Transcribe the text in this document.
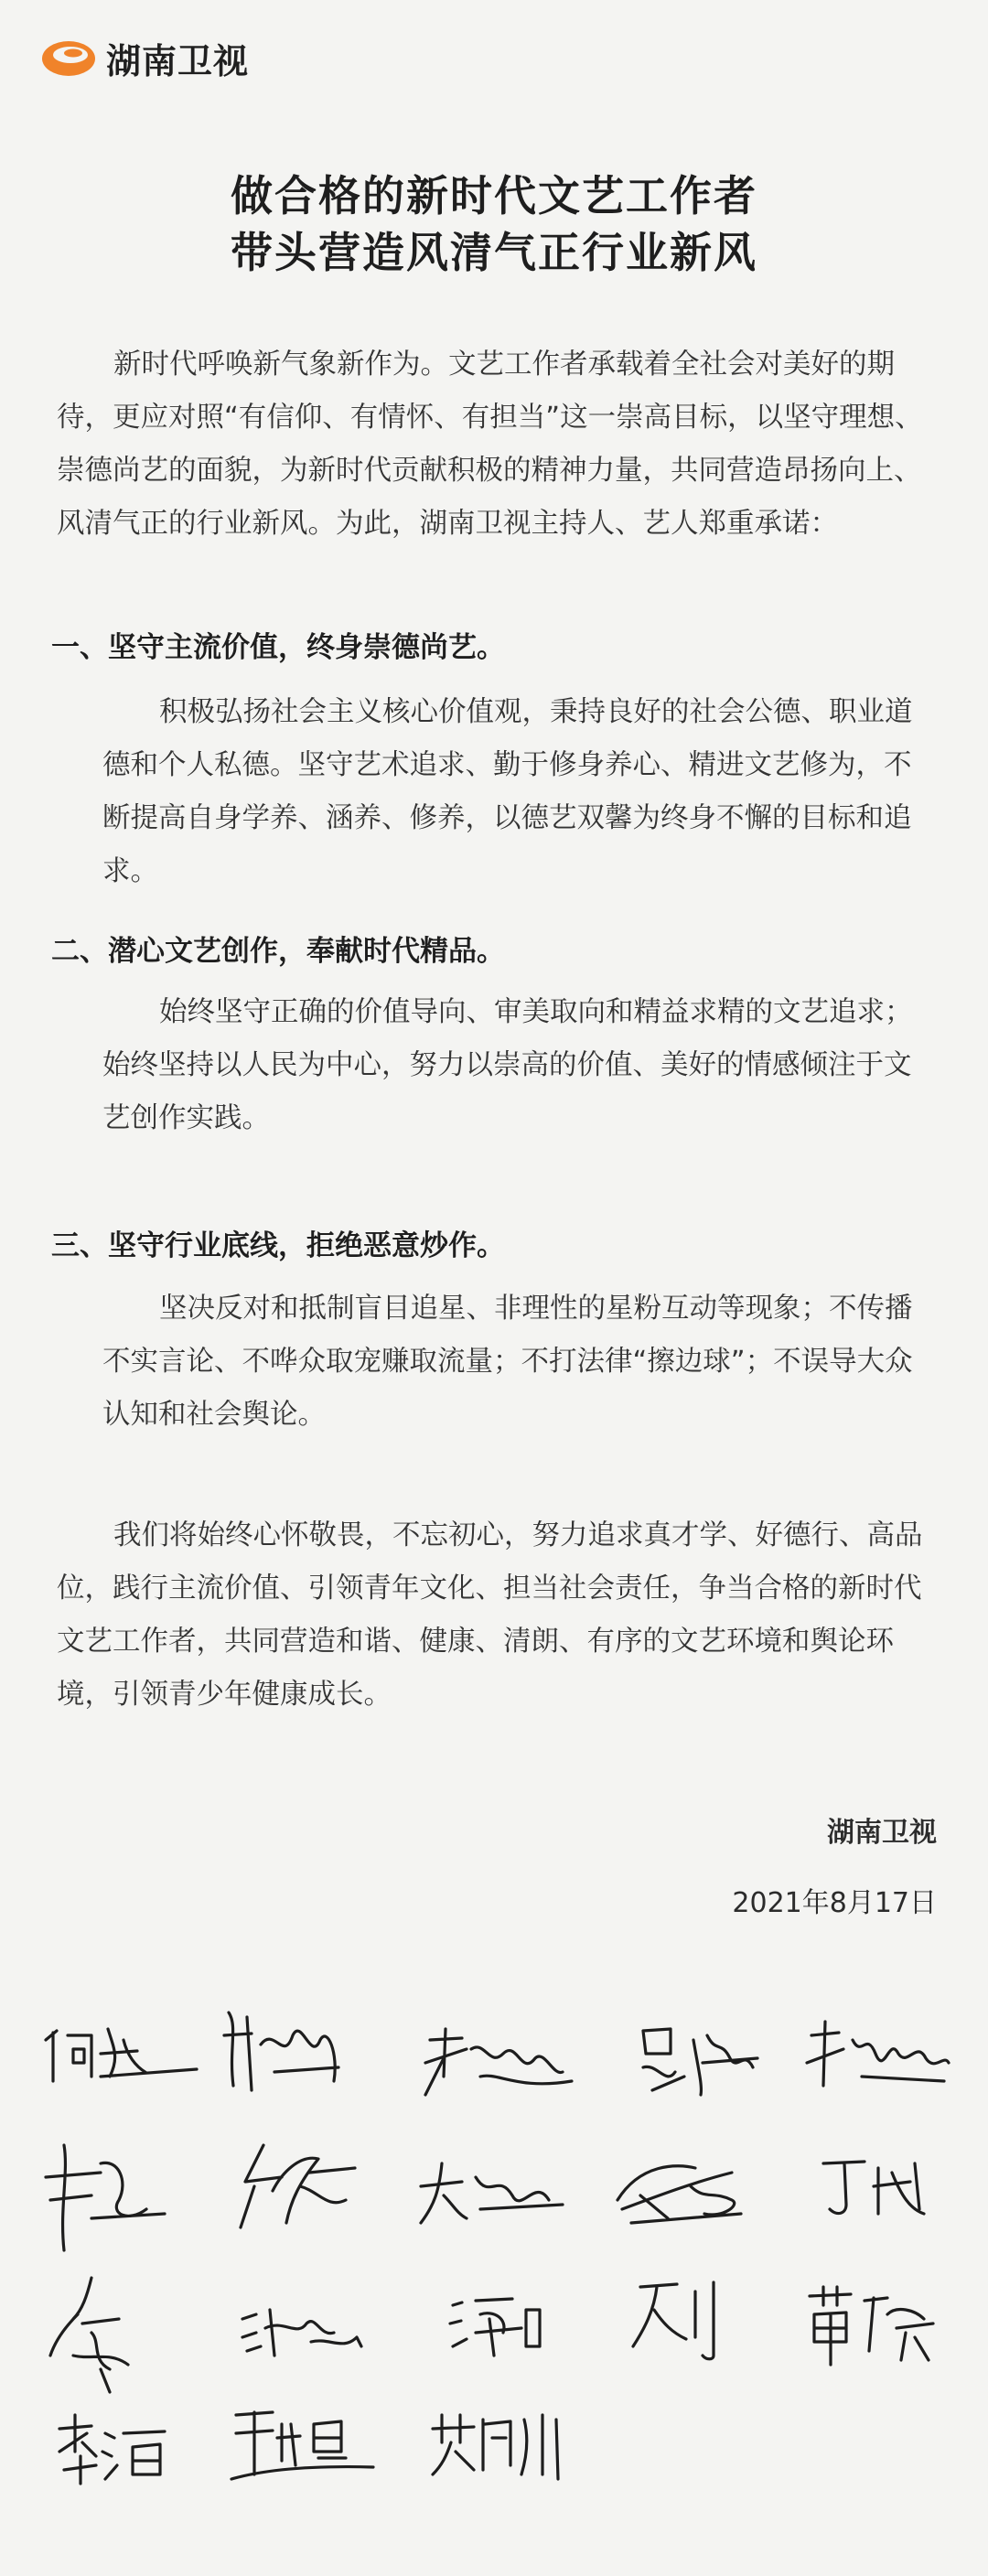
湖南卫视
做合格的新时代文艺工作者
带头营造风清气正行业新风
新时代呼唤新气象新作为。文艺工作者承载着全社会对美好的期待，更应对照“有信仰、有情怀、有担当”这一崇高目标，以坚守理想、崇德尚艺的面貌，为新时代贡献积极的精神力量，共同营造昂扬向上、风清气正的行业新风。为此，湖南卫视主持人、艺人郑重承诺：
一、坚守主流价值，终身崇德尚艺。
积极弘扬社会主义核心价值观，秉持良好的社会公德、职业道德和个人私德。坚守艺术追求、勤于修身养心、精进文艺修为，不断提高自身学养、涵养、修养，以德艺双馨为终身不懈的目标和追求。
二、潜心文艺创作，奉献时代精品。
始终坚守正确的价值导向、审美取向和精益求精的文艺追求；始终坚持以人民为中心，努力以崇高的价值、美好的情感倾注于文艺创作实践。
三、坚守行业底线，拒绝恶意炒作。
坚决反对和抵制盲目追星、非理性的星粉互动等现象；不传播不实言论、不哗众取宠赚取流量；不打法律“擦边球”；不误导大众认知和社会舆论。
我们将始终心怀敬畏，不忘初心，努力追求真才学、好德行、高品位，践行主流价值、引领青年文化、担当社会责任，争当合格的新时代文艺工作者，共同营造和谐、健康、清朗、有序的文艺环境和舆论环境，引领青少年健康成长。
湖南卫视
2021年8月17日
